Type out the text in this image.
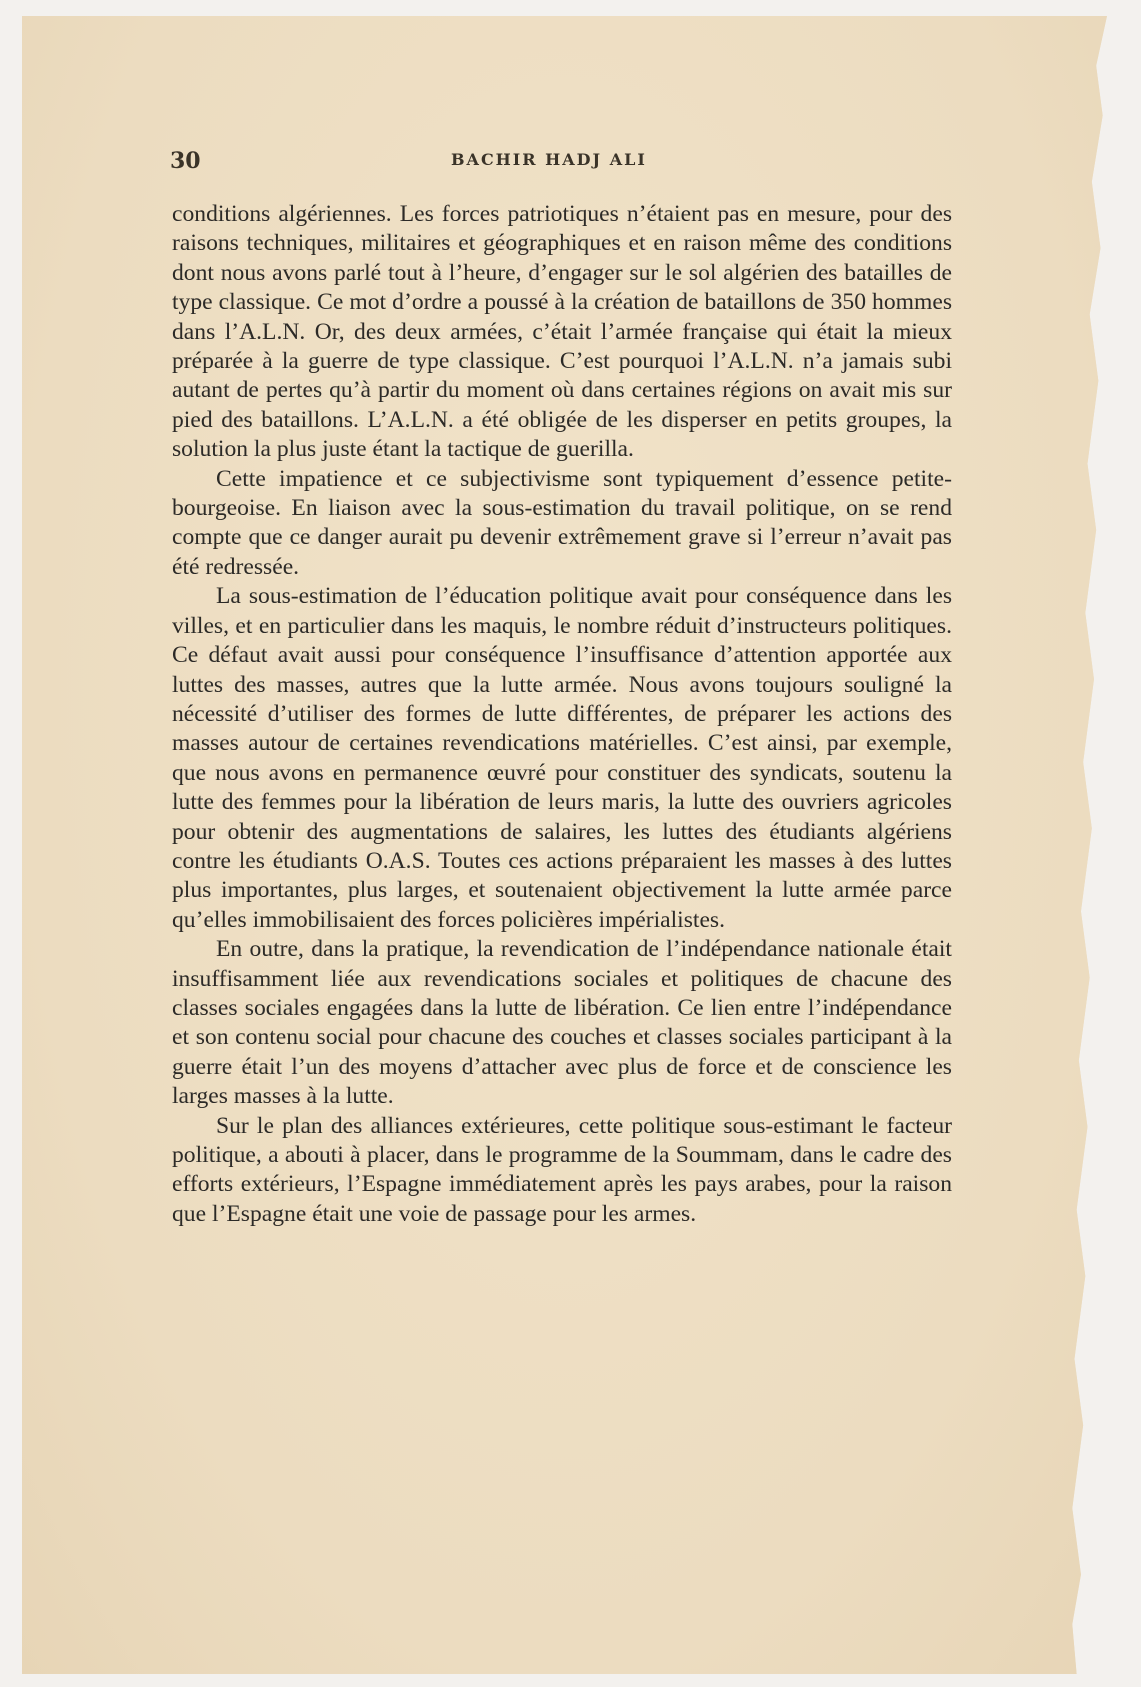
30	BACHIR HADJ ALI

conditions algériennes. Les forces patriotiques n’étaient pas en mesure, pour des raisons techniques, militaires et géographiques et en raison même des conditions dont nous avons parlé tout à l’heure, d’engager sur le sol algérien des batailles de type classique. Ce mot d’ordre a poussé à la création de bataillons de 350 hommes dans l’A.L.N. Or, des deux armées, c’était l’armée française qui était la mieux préparée à la guerre de type classique. C’est pourquoi l’A.L.N. n’a jamais subi autant de pertes qu’à partir du moment où dans certaines régions on avait mis sur pied des bataillons. L’A.L.N. a été obligée de les disperser en petits groupes, la solution la plus juste étant la tactique de guerilla.

Cette impatience et ce subjectivisme sont typiquement d’essence petite-bourgeoise. En liaison avec la sous-estimation du travail politique, on se rend compte que ce danger aurait pu devenir extrêmement grave si l’erreur n’avait pas été redressée.

La sous-estimation de l’éducation politique avait pour conséquence dans les villes, et en particulier dans les maquis, le nombre réduit d’instructeurs politiques. Ce défaut avait aussi pour conséquence l’insuffisance d’attention apportée aux luttes des masses, autres que la lutte armée. Nous avons toujours souligné la nécessité d’utiliser des formes de lutte différentes, de préparer les actions des masses autour de certaines revendications matérielles. C’est ainsi, par exemple, que nous avons en permanence œuvré pour constituer des syndicats, soutenu la lutte des femmes pour la libération de leurs maris, la lutte des ouvriers agricoles pour obtenir des augmentations de salaires, les luttes des étudiants algériens contre les étudiants O.A.S. Toutes ces actions préparaient les masses à des luttes plus importantes, plus larges, et soutenaient objectivement la lutte armée parce qu’elles immobilisaient des forces policières impérialistes.

En outre, dans la pratique, la revendication de l’indépendance nationale était insuffisamment liée aux revendications sociales et politiques de chacune des classes sociales engagées dans la lutte de libération. Ce lien entre l’indépendance et son contenu social pour chacune des couches et classes sociales participant à la guerre était l’un des moyens d’attacher avec plus de force et de conscience les larges masses à la lutte.

Sur le plan des alliances extérieures, cette politique sous-estimant le facteur politique, a abouti à placer, dans le programme de la Soummam, dans le cadre des efforts extérieurs, l’Espagne immédiatement après les pays arabes, pour la raison que l’Espagne était une voie de passage pour les armes.
